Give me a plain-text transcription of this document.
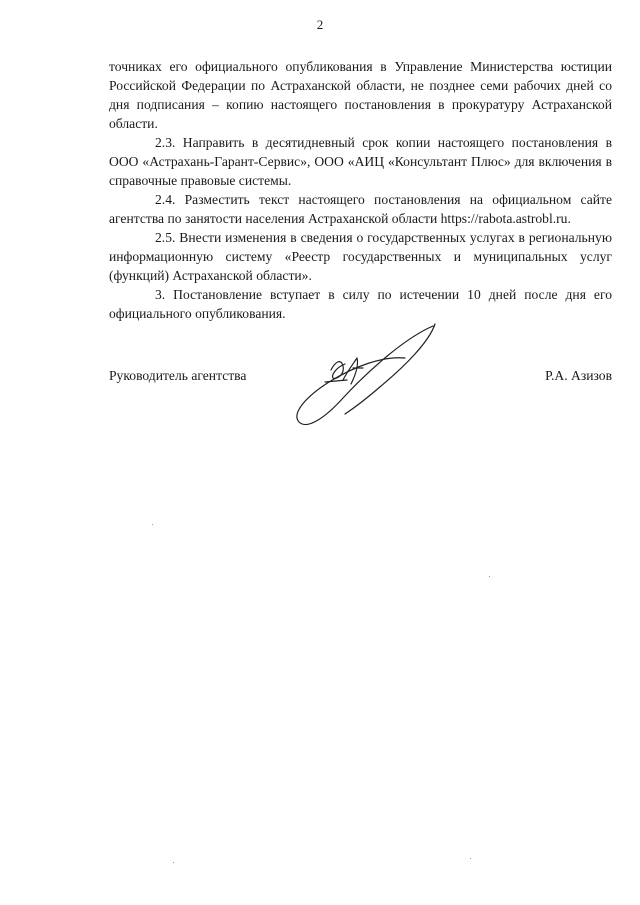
2

точниках его официального опубликования в Управление Министерства юстиции Российской Федерации по Астраханской области, не позднее семи рабочих дней со дня подписания – копию настоящего постановления в прокуратуру Астраханской области.

2.3. Направить в десятидневный срок копии настоящего постановления в ООО «Астрахань-Гарант-Сервис», ООО «АИЦ «Консультант Плюс» для включения в справочные правовые системы.

2.4. Разместить текст настоящего постановления на официальном сайте агентства по занятости населения Астраханской области https://rabota.astrobl.ru.

2.5. Внести изменения в сведения о государственных услугах в региональную информационную систему «Реестр государственных и муниципальных услуг (функций) Астраханской области».

3. Постановление вступает в силу по истечении 10 дней после дня его официального опубликования.

Руководитель агентства	Р.А. Азизов
